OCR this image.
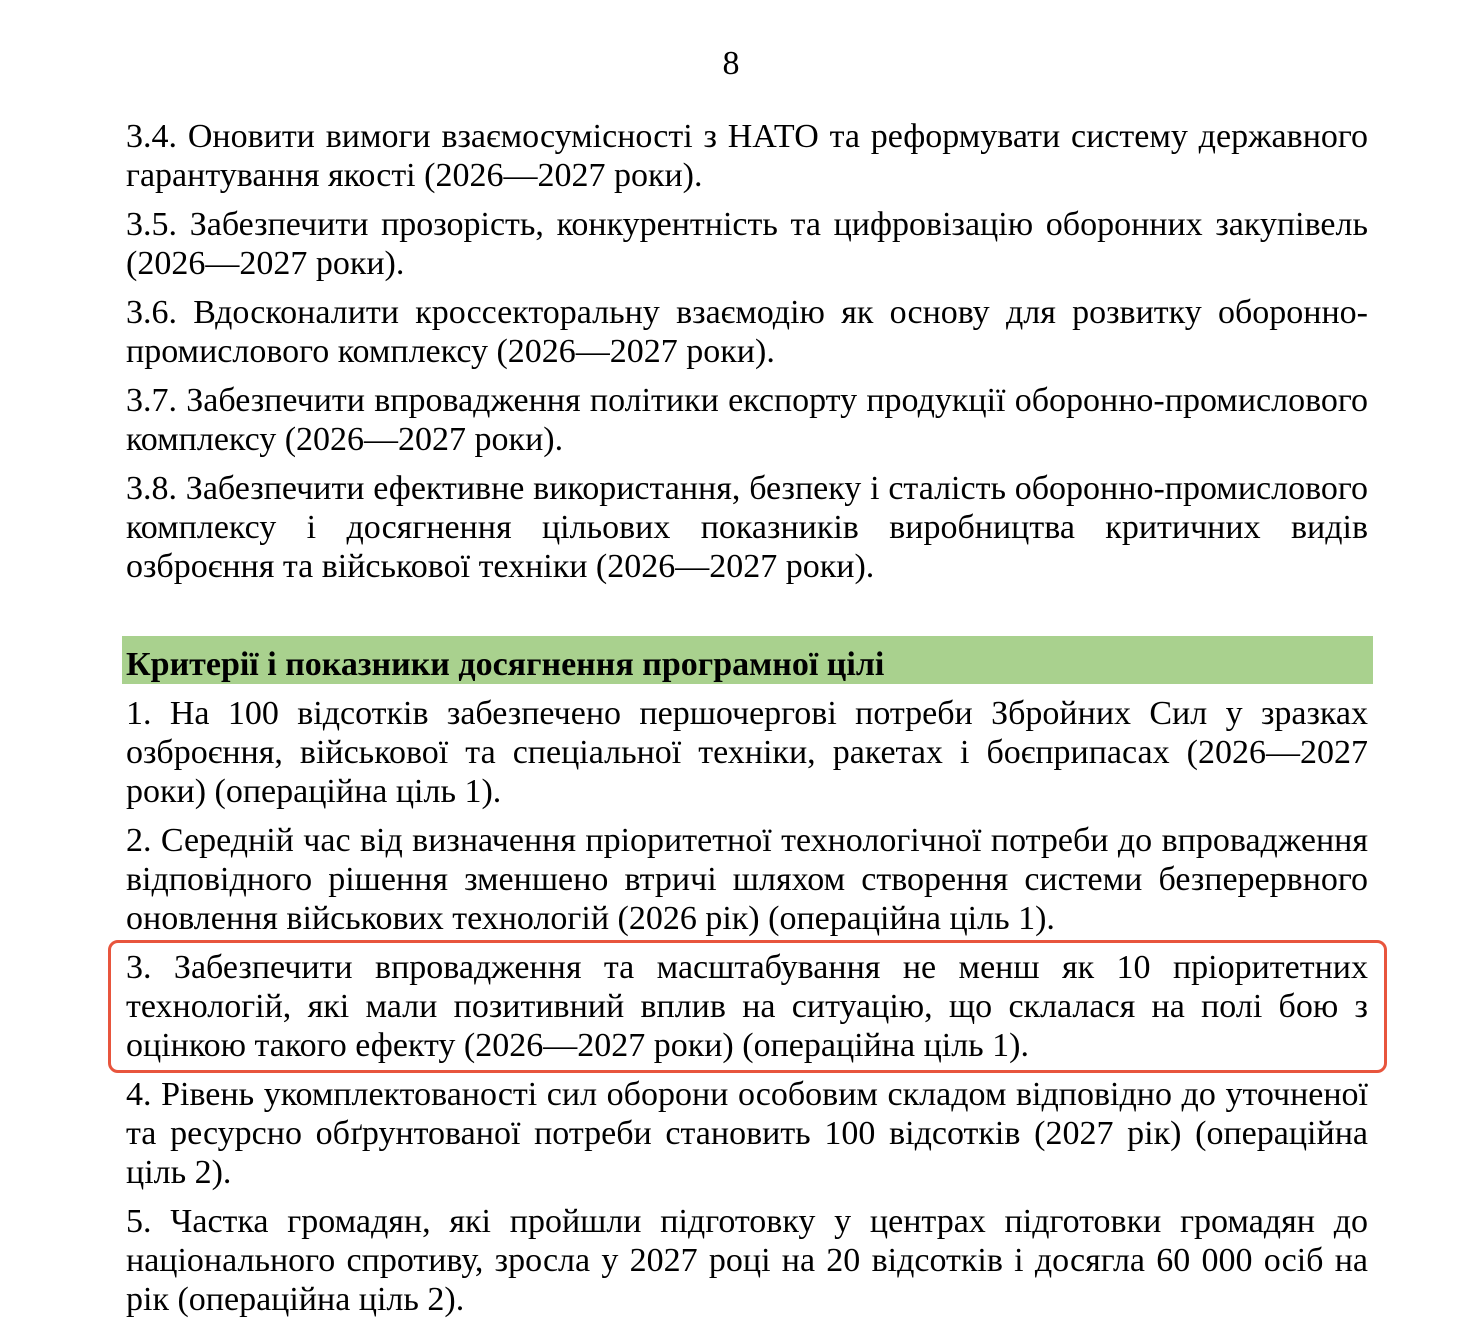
8

3.4. Оновити вимоги взаємосумісності з НАТО та реформувати систему державного гарантування якості (2026—2027 роки).

3.5. Забезпечити прозорість, конкурентність та цифровізацію оборонних закупівель (2026—2027 роки).

3.6. Вдосконалити кроссекторальну взаємодію як основу для розвитку оборонно-промислового комплексу (2026—2027 роки).

3.7. Забезпечити впровадження політики експорту продукції оборонно-промислового комплексу (2026—2027 роки).

3.8. Забезпечити ефективне використання, безпеку і сталість оборонно-промислового комплексу і досягнення цільових показників виробництва критичних видів озброєння та військової техніки (2026—2027 роки).

Критерії і показники досягнення програмної цілі

1. На 100 відсотків забезпечено першочергові потреби Збройних Сил у зразках озброєння, військової та спеціальної техніки, ракетах і боєприпасах (2026—2027 роки) (операційна ціль 1).

2. Середній час від визначення пріоритетної технологічної потреби до впровадження відповідного рішення зменшено втричі шляхом створення системи безперервного оновлення військових технологій (2026 рік) (операційна ціль 1).

3. Забезпечити впровадження та масштабування не менш як 10 пріоритетних технологій, які мали позитивний вплив на ситуацію, що склалася на полі бою з оцінкою такого ефекту (2026—2027 роки) (операційна ціль 1).

4. Рівень укомплектованості сил оборони особовим складом відповідно до уточненої та ресурсно обґрунтованої потреби становить 100 відсотків (2027 рік) (операційна ціль 2).

5. Частка громадян, які пройшли підготовку у центрах підготовки громадян до національного спротиву, зросла у 2027 році на 20 відсотків і досягла 60 000 осіб на рік (операційна ціль 2).
